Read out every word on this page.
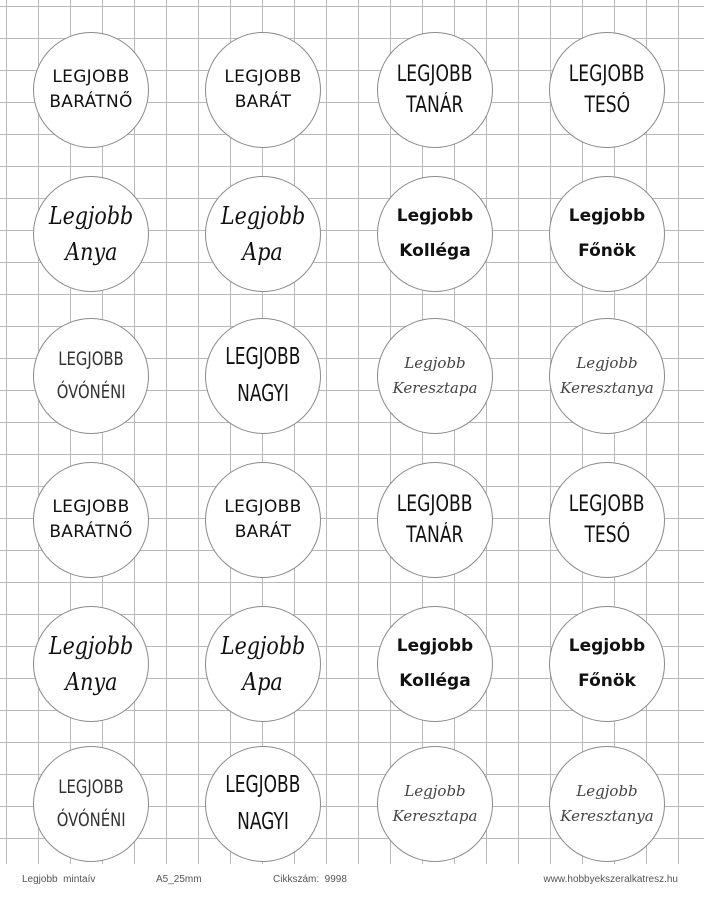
LEGJOBB
BARÁTNŐ
LEGJOBB
BARÁT
LEGJOBB
TANÁR
LEGJOBB
TESÓ
Legjobb
Anya
Legjobb
Apa
Legjobb
Kolléga
Legjobb
Főnök
LEGJOBB
ÓVÓNÉNI
LEGJOBB
NAGYI
Legjobb
Keresztapa
Legjobb
Keresztanya
LEGJOBB
BARÁTNŐ
LEGJOBB
BARÁT
LEGJOBB
TANÁR
LEGJOBB
TESÓ
Legjobb
Anya
Legjobb
Apa
Legjobb
Kolléga
Legjobb
Főnök
LEGJOBB
ÓVÓNÉNI
LEGJOBB
NAGYI
Legjobb
Keresztapa
Legjobb
Keresztanya
Legjobb  mintaív	A5_25mm	Cikkszám:  9998	www.hobbyekszeralkatresz.hu
